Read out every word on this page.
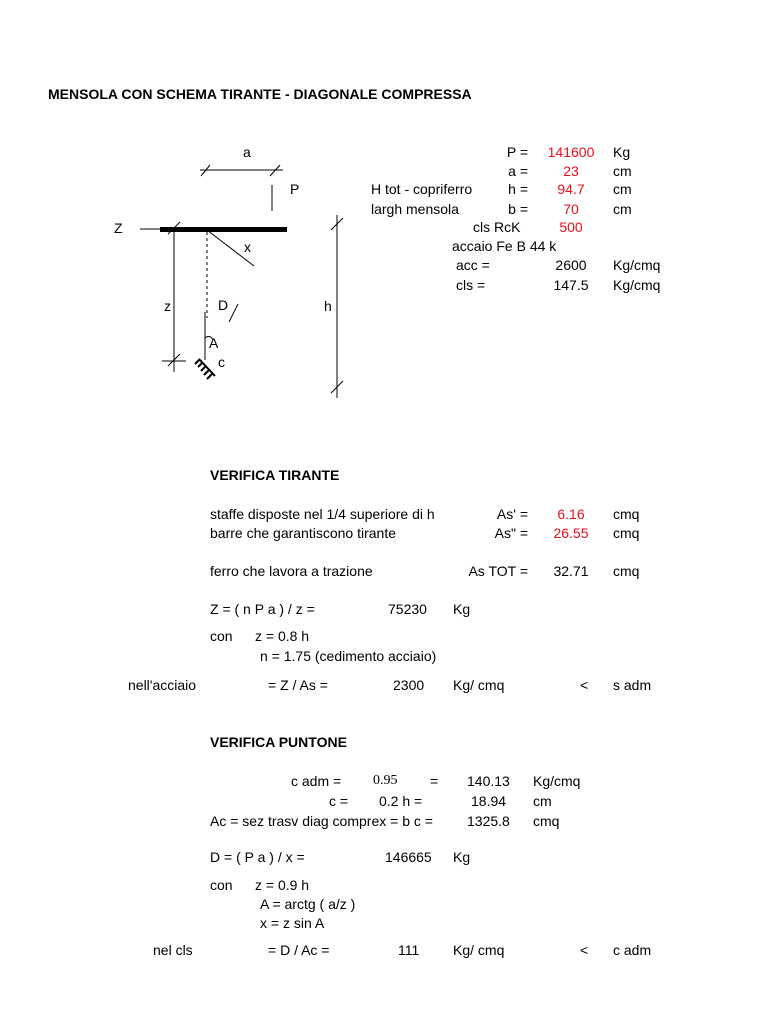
a
P
Z
x
z	D	h
A
c
MENSOLA CON SCHEMA TIRANTE - DIAGONALE COMPRESSA
P =	141600	Kg
a =	23	cm
H tot - copriferro	h =	94.7	cm
largh mensola	b =	70	cm
cls RcK	500
accaio Fe B 44 k
acc =	2600	Kg/cmq
cls =	147.5	Kg/cmq
VERIFICA TIRANTE
staffe disposte nel 1/4 superiore di h	As' =	6.16	cmq
barre che garantiscono tirante	As" =	26.55	cmq
ferro che lavora a trazione	As TOT =	32.71	cmq
Z = ( n P a ) / z =	75230 Kg
con z = 0.8 h
n = 1.75 (cedimento acciaio)
nell'acciaio	= Z / As =	2300 Kg/ cmq	< s adm
VERIFICA PUNTONE
c adm = 0.95 = 140.13 Kg/cmq
c = 0.2 h =	18.94 cm
Ac = sez trasv diag comprex = b c = 1325.8 cmq
D = ( P a ) / x =	146665 Kg
con z = 0.9 h
A = arctg ( a/z )
x = z sin A
nel cls	= D / Ac =	111 Kg/ cmq	< c adm
